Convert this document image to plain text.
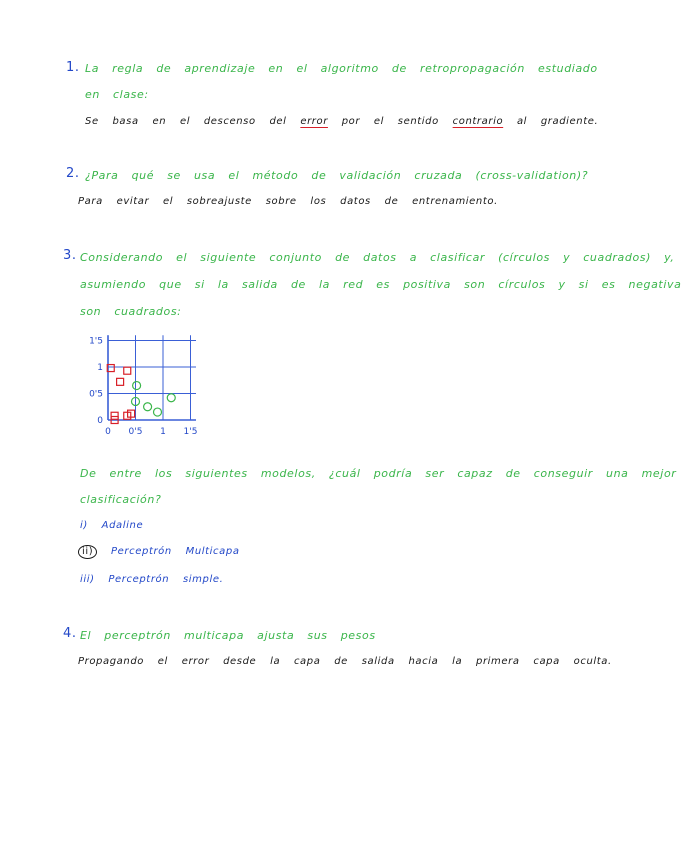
1. La regla de aprendizaje en el algoritmo de retropropagación estudiado
en clase:
Se basa en el descenso del error por el sentido contrario al gradiente.
2. ¿Para qué se usa el método de validación cruzada (cross-validation)?
Para evitar el sobreajuste sobre los datos de entrenamiento.
3. Considerando el siguiente conjunto de datos a clasificar (círculos y cuadrados) y,
asumiendo que si la salida de la red es positiva son círculos y si es negativa
son cuadrados:
0 0'5 1 1'5
0
0'5
1
1'5
De entre los siguientes modelos, ¿cuál podría ser capaz de conseguir una mejor
clasificación?
i) Adaline
ii) Perceptrón Multicapa
iii) Perceptrón simple.
4. El perceptrón multicapa ajusta sus pesos
Propagando el error desde la capa de salida hacia la primera capa oculta.
